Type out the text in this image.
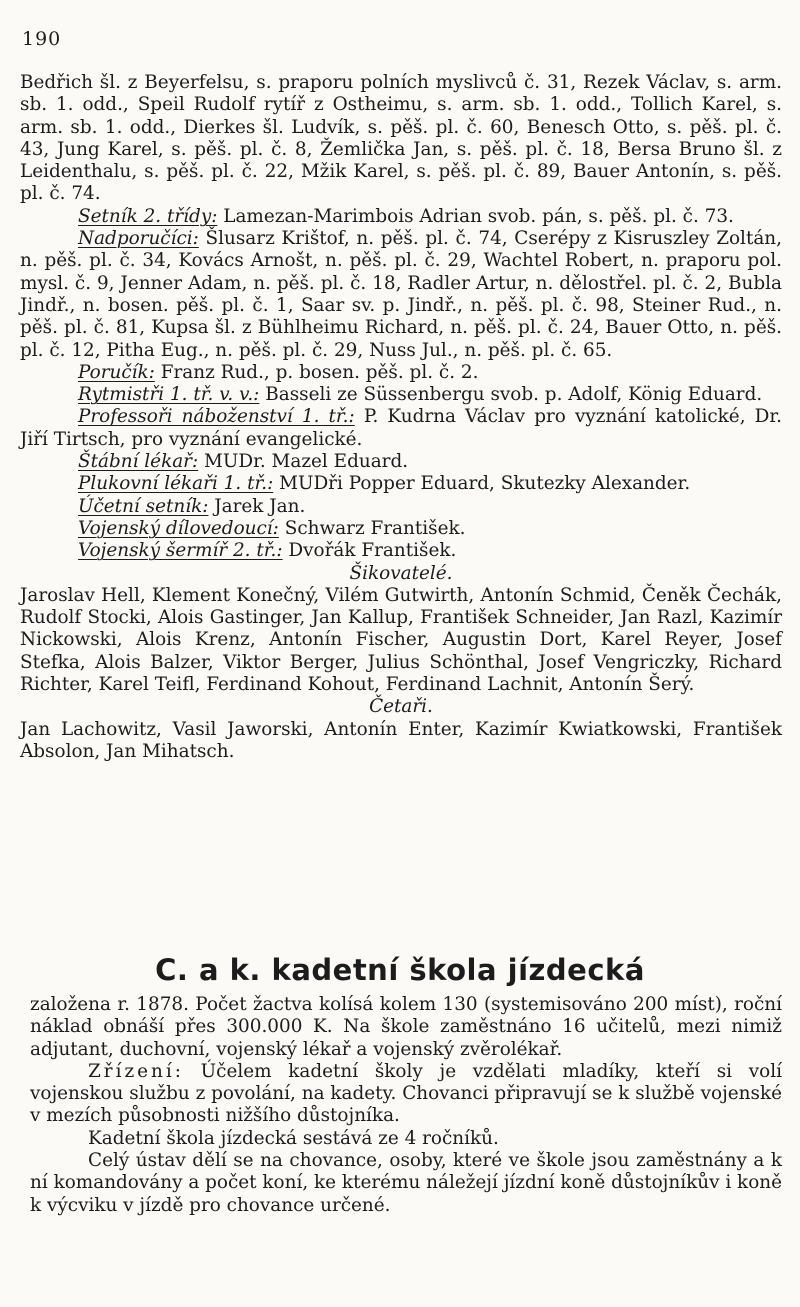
190

Bedřich šl. z Beyerfelsu, s. praporu polních myslivců č. 31, Rezek Václav, s. arm. sb. 1. odd., Speil Rudolf rytíř z Ostheimu, s. arm. sb. 1. odd., Tollich Karel, s. arm. sb. 1. odd., Dierkes šl. Ludvík, s. pěš. pl. č. 60, Benesch Otto, s. pěš. pl. č. 43, Jung Karel, s. pěš. pl. č. 8, Žemlička Jan, s. pěš. pl. č. 18, Bersa Bruno šl. z Leidenthalu, s. pěš. pl. č. 22, Mžik Karel, s. pěš. pl. č. 89, Bauer Antonín, s. pěš. pl. č. 74.

Setník 2. třídy: Lamezan-Marimbois Adrian svob. pán, s. pěš. pl. č. 73.

Nadporučíci: Šlusarz Krištof, n. pěš. pl. č. 74, Cserépy z Kisruszley Zoltán, n. pěš. pl. č. 34, Kovács Arnošt, n. pěš. pl. č. 29, Wachtel Robert, n. praporu pol. mysl. č. 9, Jenner Adam, n. pěš. pl. č. 18, Radler Artur, n. dělostřel. pl. č. 2, Bubla Jindř., n. bosen. pěš. pl. č. 1, Saar sv. p. Jindř., n. pěš. pl. č. 98, Steiner Rud., n. pěš. pl. č. 81, Kupsa šl. z Bühlheimu Richard, n. pěš. pl. č. 24, Bauer Otto, n. pěš. pl. č. 12, Pitha Eug., n. pěš. pl. č. 29, Nuss Jul., n. pěš. pl. č. 65.

Poručík: Franz Rud., p. bosen. pěš. pl. č. 2.

Rytmistři 1. tř. v. v.: Basseli ze Süssenbergu svob. p. Adolf, König Eduard.

Professoři náboženství 1. tř.: P. Kudrna Václav pro vyznání katolické, Dr. Jiří Tirtsch, pro vyznání evangelické.

Štábní lékař: MUDr. Mazel Eduard.

Plukovní lékaři 1. tř.: MUDři Popper Eduard, Skutezky Alexander.

Účetní setník: Jarek Jan.

Vojenský dílovedoucí: Schwarz František.

Vojenský šermíř 2. tř.: Dvořák František.

Šikovatelé.

Jaroslav Hell, Klement Konečný, Vilém Gutwirth, Antonín Schmid, Čeněk Čechák, Rudolf Stocki, Alois Gastinger, Jan Kallup, František Schneider, Jan Razl, Kazimír Nickowski, Alois Krenz, Antonín Fischer, Augustin Dort, Karel Reyer, Josef Stefka, Alois Balzer, Viktor Berger, Julius Schönthal, Josef Vengriczky, Richard Richter, Karel Teifl, Ferdinand Kohout, Ferdinand Lachnit, Antonín Šerý.

Četaři.

Jan Lachowitz, Vasil Jaworski, Antonín Enter, Kazimír Kwiatkowski, František Absolon, Jan Mihatsch.

C. a k. kadetní škola jízdecká

založena r. 1878. Počet žactva kolísá kolem 130 (systemisováno 200 míst), roční náklad obnáší přes 300.000 K. Na škole zaměstnáno 16 učitelů, mezi nimiž adjutant, duchovní, vojenský lékař a vojenský zvěrolékař.

Zřízení: Účelem kadetní školy je vzdělati mladíky, kteří si volí vojenskou službu z povolání, na kadety. Chovanci připravují se k službě vojenské v mezích působnosti nižšího důstojníka.

Kadetní škola jízdecká sestává ze 4 ročníků.

Celý ústav dělí se na chovance, osoby, které ve škole jsou zaměstnány a k ní komandovány a počet koní, ke kterému náležejí jízdní koně důstojníkův i koně k výcviku v jízdě pro chovance určené.
